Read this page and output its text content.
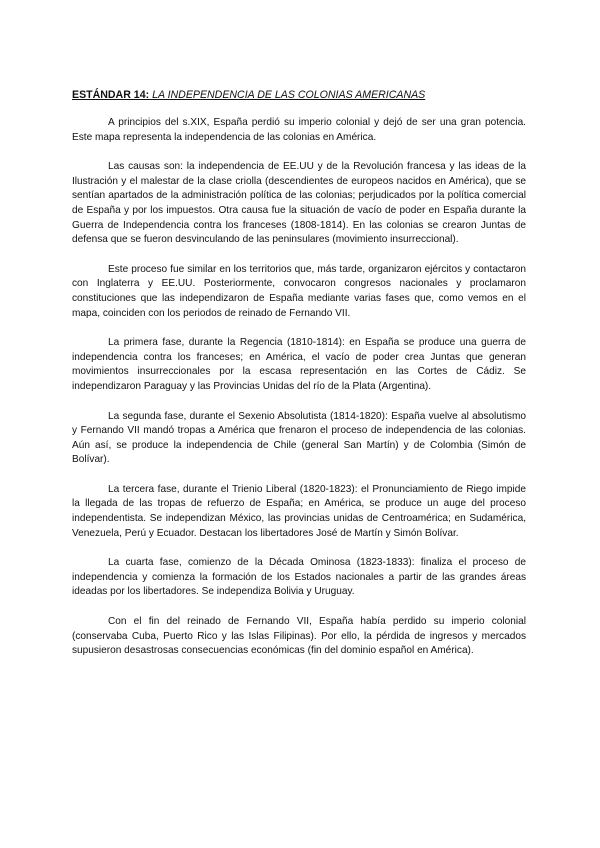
ESTÁNDAR 14: LA INDEPENDENCIA DE LAS COLONIAS AMERICANAS

A principios del s.XIX, España perdió su imperio colonial y dejó de ser una gran potencia. Este mapa representa la independencia de las colonias en América.

Las causas son: la independencia de EE.UU y de la Revolución francesa y las ideas de la Ilustración y el malestar de la clase criolla (descendientes de europeos nacidos en América), que se sentían apartados de la administración política de las colonias; perjudicados por la política comercial de España y por los impuestos. Otra causa fue la situación de vacío de poder en España durante la Guerra de Independencia contra los franceses (1808-1814). En las colonias se crearon Juntas de defensa que se fueron desvinculando de las peninsulares (movimiento insurreccional).

Este proceso fue similar en los territorios que, más tarde, organizaron ejércitos y contactaron con Inglaterra y EE.UU. Posteriormente, convocaron congresos nacionales y proclamaron constituciones que las independizaron de España mediante varias fases que, como vemos en el mapa, coinciden con los periodos de reinado de Fernando VII.

La primera fase, durante la Regencia (1810-1814): en España se produce una guerra de independencia contra los franceses; en América, el vacío de poder crea Juntas que generan movimientos insurreccionales por la escasa representación en las Cortes de Cádiz. Se independizaron Paraguay y las Provincias Unidas del río de la Plata (Argentina).

La segunda fase, durante el Sexenio Absolutista (1814-1820): España vuelve al absolutismo y Fernando VII mandó tropas a América que frenaron el proceso de independencia de las colonias. Aún así, se produce la independencia de Chile (general San Martín) y de Colombia (Simón de Bolívar).

La tercera fase, durante el Trienio Liberal (1820-1823): el Pronunciamiento de Riego impide la llegada de las tropas de refuerzo de España; en América, se produce un auge del proceso independentista. Se independizan México, las provincias unidas de Centroamérica; en Sudamérica, Venezuela, Perú y Ecuador. Destacan los libertadores José de Martín y Simón Bolívar.

La cuarta fase, comienzo de la Década Ominosa (1823-1833): finaliza el proceso de independencia y comienza la formación de los Estados nacionales a partir de las grandes áreas ideadas por los libertadores. Se independiza Bolivia y Uruguay.

Con el fin del reinado de Fernando VII, España había perdido su imperio colonial (conservaba Cuba, Puerto Rico y las Islas Filipinas). Por ello, la pérdida de ingresos y mercados supusieron desastrosas consecuencias económicas (fin del dominio español en América).
